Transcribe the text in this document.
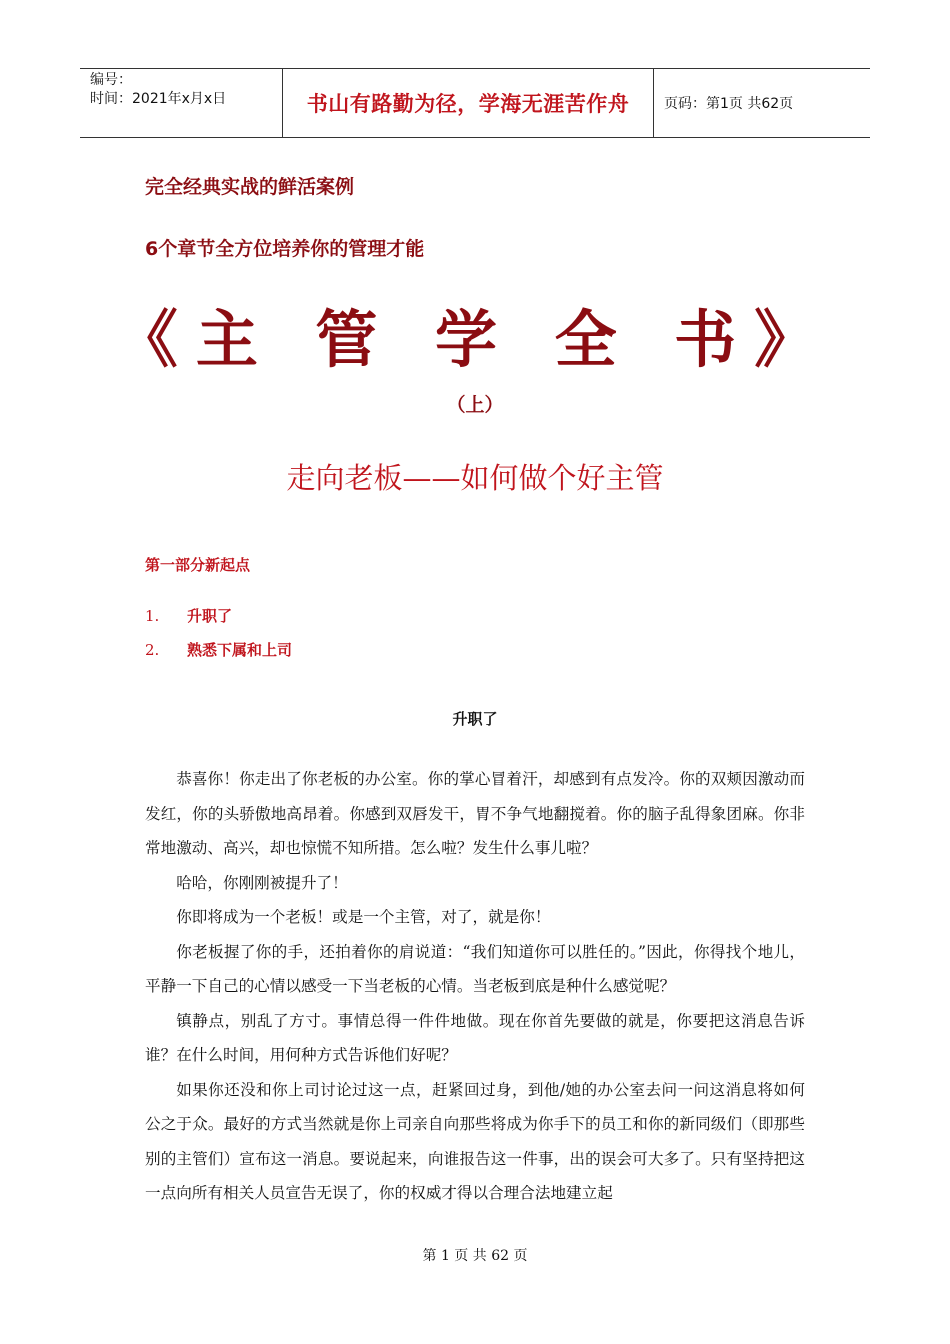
编号：
时间：2021年x月x日	书山有路勤为径，学海无涯苦作舟	页码：第1页 共62页
完全经典实战的鲜活案例
6个章节全方位培养你的管理才能
《主 管 学 全 书》
（上）
走向老板——如何做个好主管
第一部分新起点
1. 升职了
2. 熟悉下属和上司
升职了

恭喜你！你走出了你老板的办公室。你的掌心冒着汗，却感到有点发冷。你的双颊因激动而发红，你的头骄傲地高昂着。你感到双唇发干，胃不争气地翻搅着。你的脑子乱得象团麻。你非常地激动、高兴，却也惊慌不知所措。怎么啦？发生什么事儿啦？

哈哈，你刚刚被提升了！

你即将成为一个老板！或是一个主管，对了，就是你！

你老板握了你的手，还拍着你的肩说道：“我们知道你可以胜任的。”因此，你得找个地儿，平静一下自己的心情以感受一下当老板的心情。当老板到底是种什么感觉呢？

镇静点，别乱了方寸。事情总得一件件地做。现在你首先要做的就是，你要把这消息告诉谁？在什么时间，用何种方式告诉他们好呢？

如果你还没和你上司讨论过这一点，赶紧回过身，到他/她的办公室去问一问这消息将如何公之于众。最好的方式当然就是你上司亲自向那些将成为你手下的员工和你的新同级们（即那些别的主管们）宣布这一消息。要说起来，向谁报告这一件事，出的误会可大多了。只有坚持把这一点向所有相关人员宣告无误了，你的权威才得以合理合法地建立起

第 1 页 共 62 页
